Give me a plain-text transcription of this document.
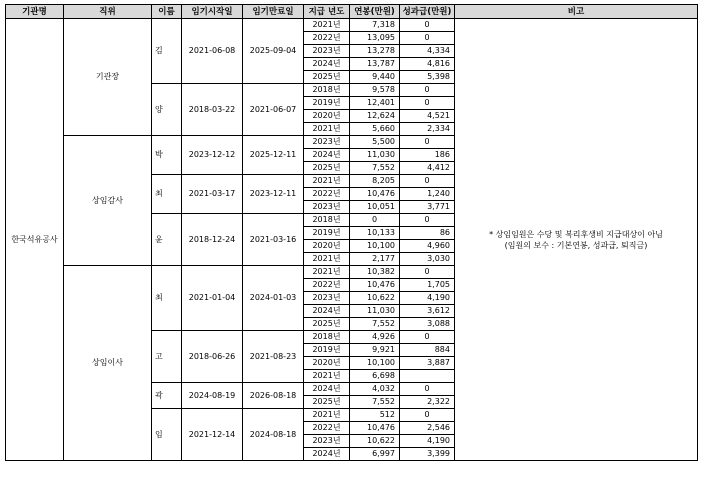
기관명	직위	이름	임기시작일	임기만료일	지급 년도	연봉(만원)	성과급(만원)	비고
한국석유공사	기관장	김	2021-06-08	2025-09-04	2021년	7,318	0	* 상임임원은 수당 및 복리후생비 지급대상이 아님
(임원의 보수 : 기본연봉, 성과급, 퇴직금)

					2022년	13,095	0	
					2023년	13,278	4,334	
					2024년	13,787	4,816	
					2025년	9,440	5,398	
		양	2018-03-22	2021-06-07	2018년	9,578	0	
					2019년	12,401	0	
					2020년	12,624	4,521	
					2021년	5,660	2,334	
	상임감사	박	2023-12-12	2025-12-11	2023년	5,500	0	
					2024년	11,030	186	
					2025년	7,552	4,412	
		최	2021-03-17	2023-12-11	2021년	8,205	0	
					2022년	10,476	1,240	
					2023년	10,051	3,771	
		윤	2018-12-24	2021-03-16	2018년	0	0	
					2019년	10,133	86	
					2020년	10,100	4,960	
					2021년	2,177	3,030	
	상임이사	최	2021-01-04	2024-01-03	2021년	10,382	0	
					2022년	10,476	1,705	
					2023년	10,622	4,190	
					2024년	11,030	3,612	
					2025년	7,552	3,088	
		고	2018-06-26	2021-08-23	2018년	4,926	0	
					2019년	9,921	884	
					2020년	10,100	3,887	
					2021년	6,698		
		곽	2024-08-19	2026-08-18	2024년	4,032	0	
					2025년	7,552	2,322	
		임	2021-12-14	2024-08-18	2021년	512	0	
					2022년	10,476	2,546	
					2023년	10,622	4,190	
					2024년	6,997	3,399	
